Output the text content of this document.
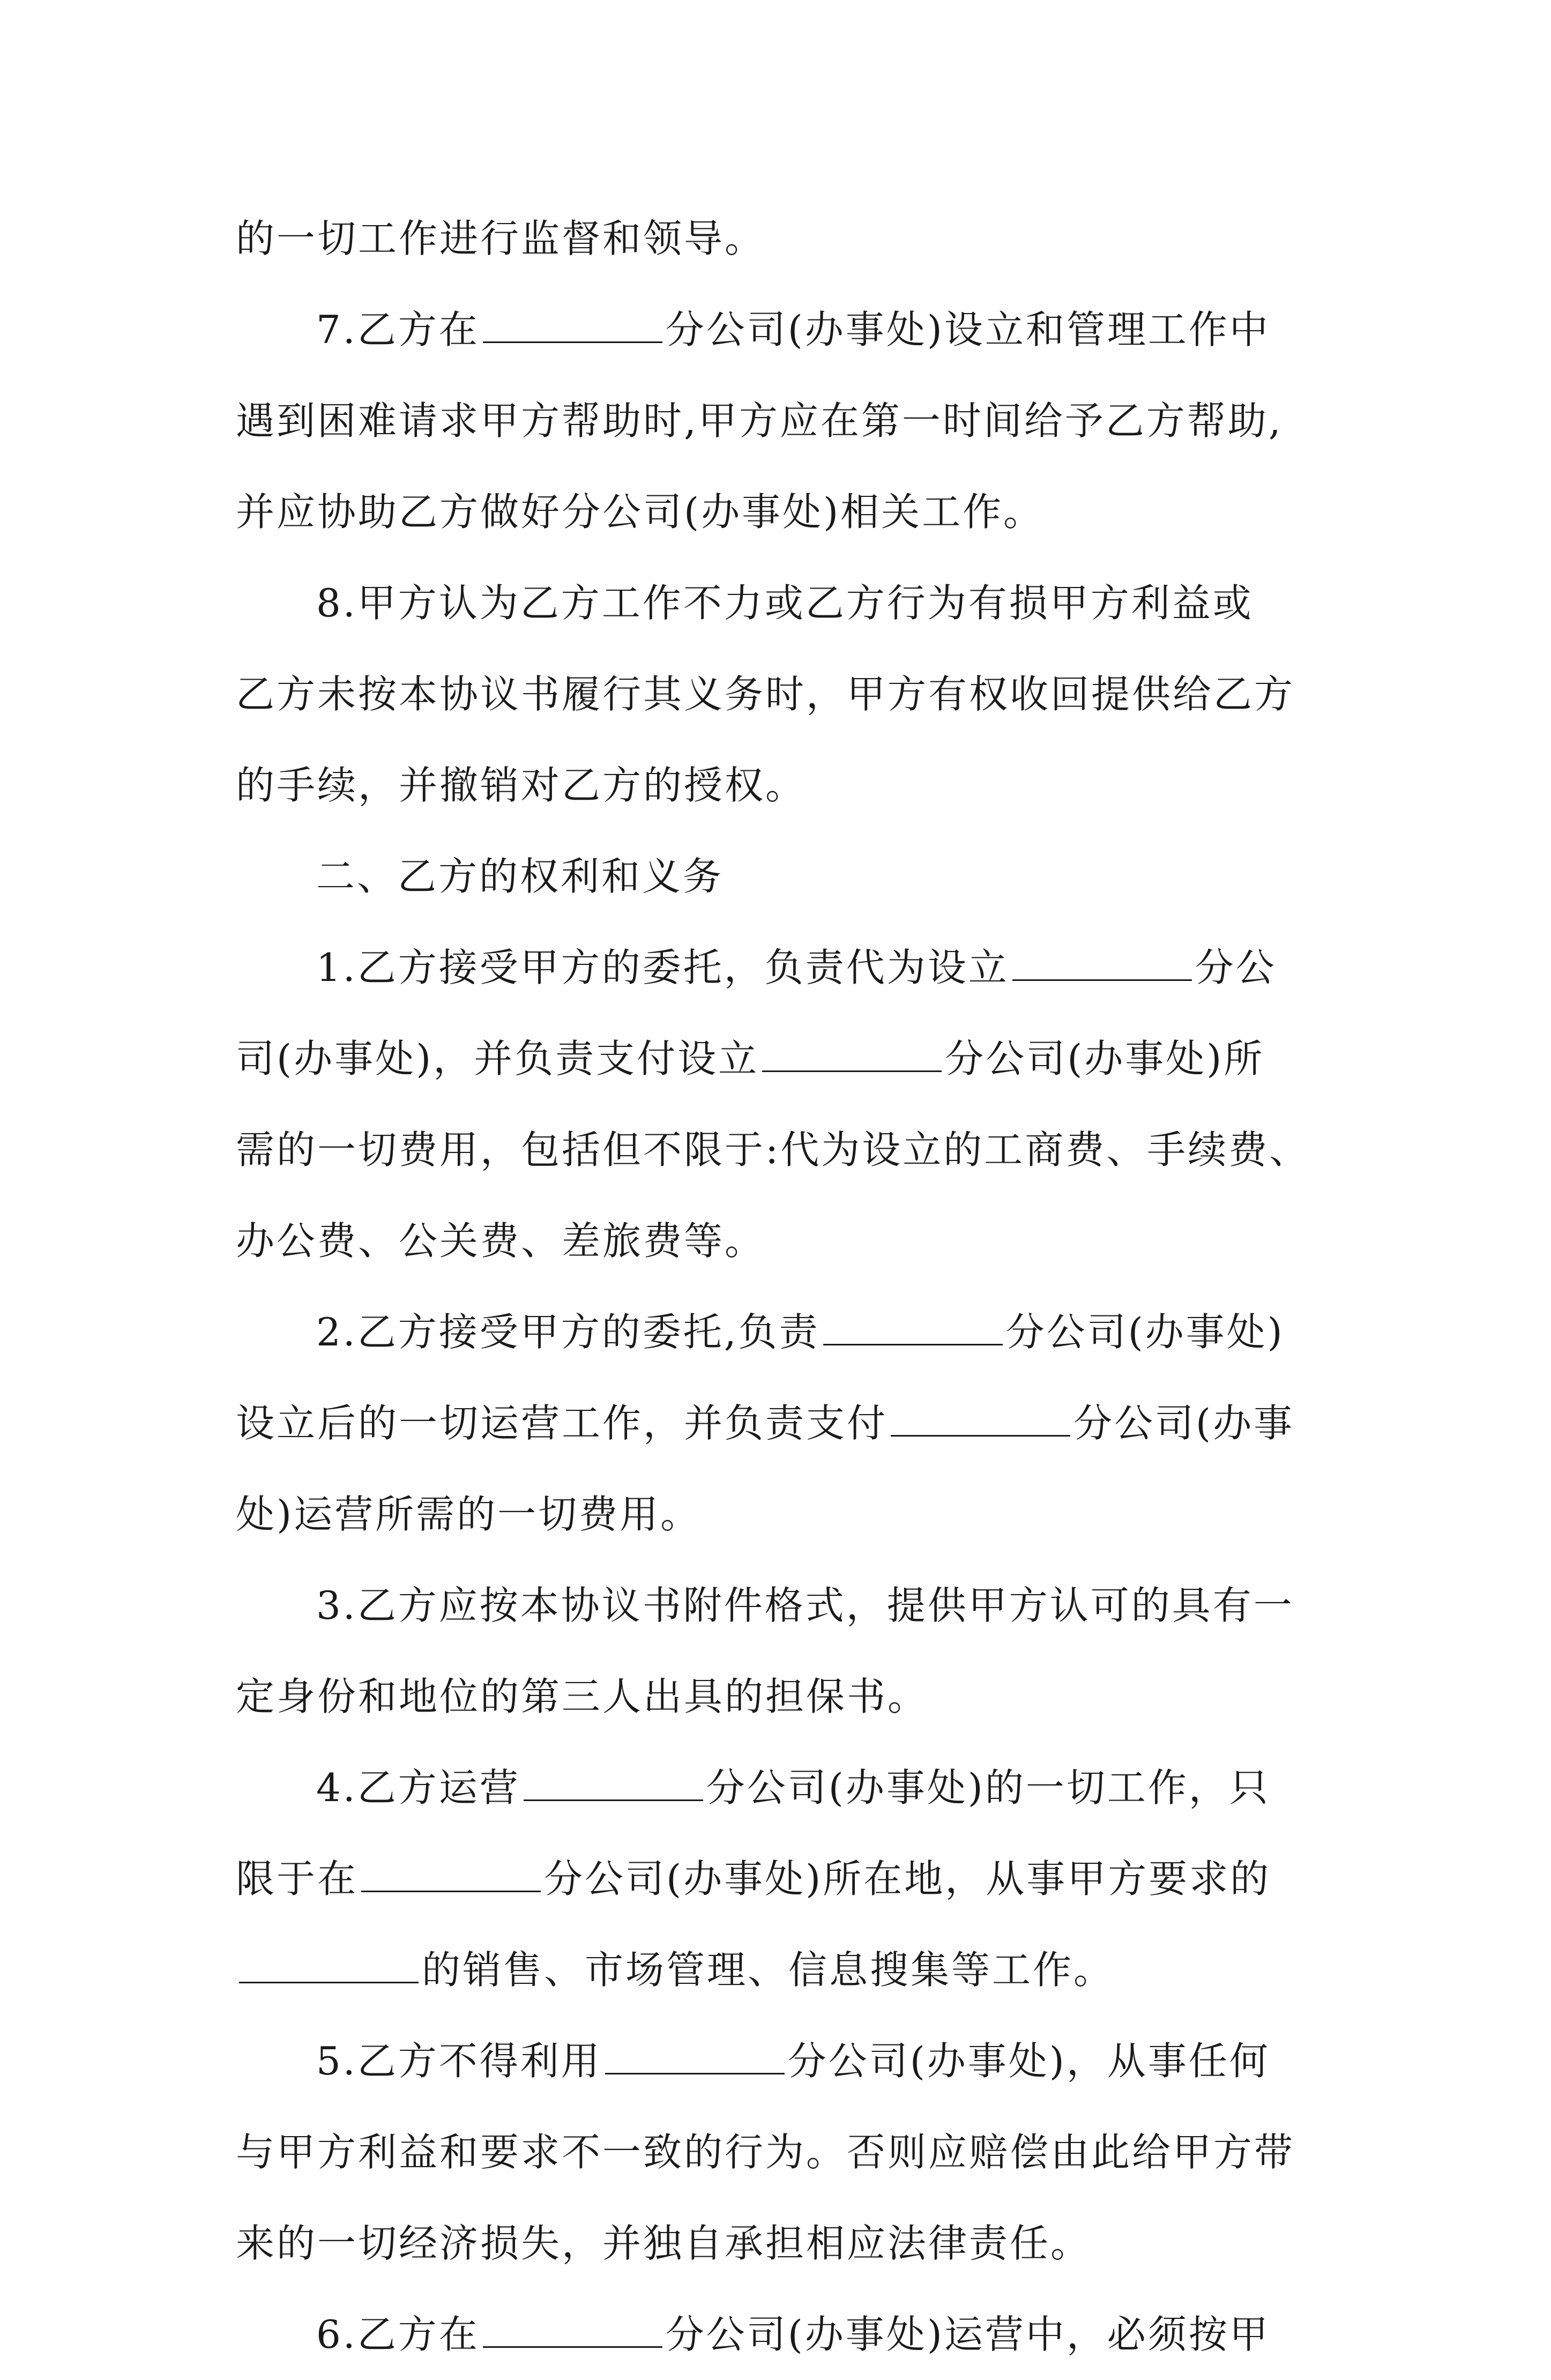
的一切工作进行监督和领导。
7.乙方在	分公司(办事处)设立和管理工作中
遇到困难请求甲方帮助时,甲方应在第一时间给予乙方帮助,
并应协助乙方做好分公司(办事处)相关工作。
8.甲方认为乙方工作不力或乙方行为有损甲方利益或
乙方未按本协议书履行其义务时，甲方有权收回提供给乙方
的手续，并撤销对乙方的授权。
二、乙方的权利和义务
1.乙方接受甲方的委托，负责代为设立	分公
司(办事处)，并负责支付设立	分公司(办事处)所
需的一切费用，包括但不限于:代为设立的工商费、手续费、
办公费、公关费、差旅费等。
2.乙方接受甲方的委托,负责	分公司(办事处)
设立后的一切运营工作，并负责支付	分公司(办事
处)运营所需的一切费用。
3.乙方应按本协议书附件格式，提供甲方认可的具有一
定身份和地位的第三人出具的担保书。
4.乙方运营	分公司(办事处)的一切工作，只
限于在	分公司(办事处)所在地，从事甲方要求的
的销售、市场管理、信息搜集等工作。
5.乙方不得利用	分公司(办事处)，从事任何
与甲方利益和要求不一致的行为。否则应赔偿由此给甲方带
来的一切经济损失，并独自承担相应法律责任。
6.乙方在	分公司(办事处)运营中，必须按甲
